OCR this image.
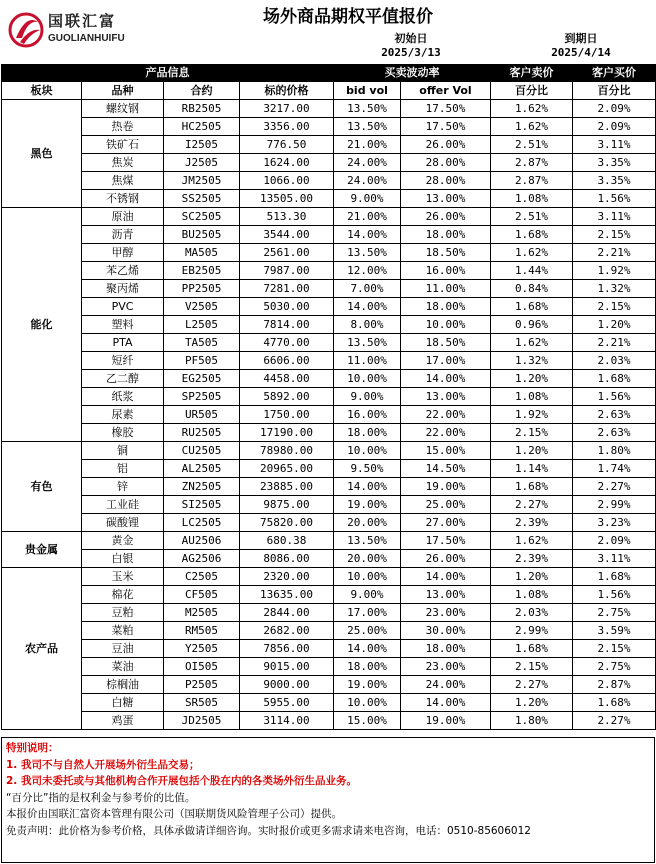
国联汇富
GUOLIANHUIFU
场外商品期权平值报价
初始日
2025/3/13
到期日
2025/4/14
产品信息				买卖波动率		客户卖价	客户买价
板块	品种	合约	标的价格	bid vol	offer Vol	百分比	百分比
黑色	螺纹钢	RB2505	3217.00	13.50%	17.50%	1.62%	2.09%
	热卷	HC2505	3356.00	13.50%	17.50%	1.62%	2.09%
	铁矿石	I2505	776.50	21.00%	26.00%	2.51%	3.11%
	焦炭	J2505	1624.00	24.00%	28.00%	2.87%	3.35%
	焦煤	JM2505	1066.00	24.00%	28.00%	2.87%	3.35%
	不锈钢	SS2505	13505.00	9.00%	13.00%	1.08%	1.56%
能化	原油	SC2505	513.30	21.00%	26.00%	2.51%	3.11%
	沥青	BU2505	3544.00	14.00%	18.00%	1.68%	2.15%
	甲醇	MA505	2561.00	13.50%	18.50%	1.62%	2.21%
	苯乙烯	EB2505	7987.00	12.00%	16.00%	1.44%	1.92%
	聚丙烯	PP2505	7281.00	7.00%	11.00%	0.84%	1.32%
	PVC	V2505	5030.00	14.00%	18.00%	1.68%	2.15%
	塑料	L2505	7814.00	8.00%	10.00%	0.96%	1.20%
	PTA	TA505	4770.00	13.50%	18.50%	1.62%	2.21%
	短纤	PF505	6606.00	11.00%	17.00%	1.32%	2.03%
	乙二醇	EG2505	4458.00	10.00%	14.00%	1.20%	1.68%
	纸浆	SP2505	5892.00	9.00%	13.00%	1.08%	1.56%
	尿素	UR505	1750.00	16.00%	22.00%	1.92%	2.63%
	橡胶	RU2505	17190.00	18.00%	22.00%	2.15%	2.63%
有色	铜	CU2505	78980.00	10.00%	15.00%	1.20%	1.80%
	铝	AL2505	20965.00	9.50%	14.50%	1.14%	1.74%
	锌	ZN2505	23885.00	14.00%	19.00%	1.68%	2.27%
	工业硅	SI2505	9875.00	19.00%	25.00%	2.27%	2.99%
	碳酸锂	LC2505	75820.00	20.00%	27.00%	2.39%	3.23%
贵金属	黄金	AU2506	680.38	13.50%	17.50%	1.62%	2.09%
	白银	AG2506	8086.00	20.00%	26.00%	2.39%	3.11%
农产品	玉米	C2505	2320.00	10.00%	14.00%	1.20%	1.68%
	棉花	CF505	13635.00	9.00%	13.00%	1.08%	1.56%
	豆粕	M2505	2844.00	17.00%	23.00%	2.03%	2.75%
	菜粕	RM505	2682.00	25.00%	30.00%	2.99%	3.59%
	豆油	Y2505	7856.00	14.00%	18.00%	1.68%	2.15%
	菜油	OI505	9015.00	18.00%	23.00%	2.15%	2.75%
	棕榈油	P2505	9000.00	19.00%	24.00%	2.27%	2.87%
	白糖	SR505	5955.00	10.00%	14.00%	1.20%	1.68%
	鸡蛋	JD2505	3114.00	15.00%	19.00%	1.80%	2.27%
特别说明：
1. 我司不与自然人开展场外衍生品交易；
2. 我司未委托或与其他机构合作开展包括个股在内的各类场外衍生品业务。
“百分比”指的是权利金与参考价的比值。
本报价由国联汇富资本管理有限公司（国联期货风险管理子公司）提供。
免责声明：此价格为参考价格，具体承做请详细咨询。实时报价或更多需求请来电咨询，电话：0510-85606012
